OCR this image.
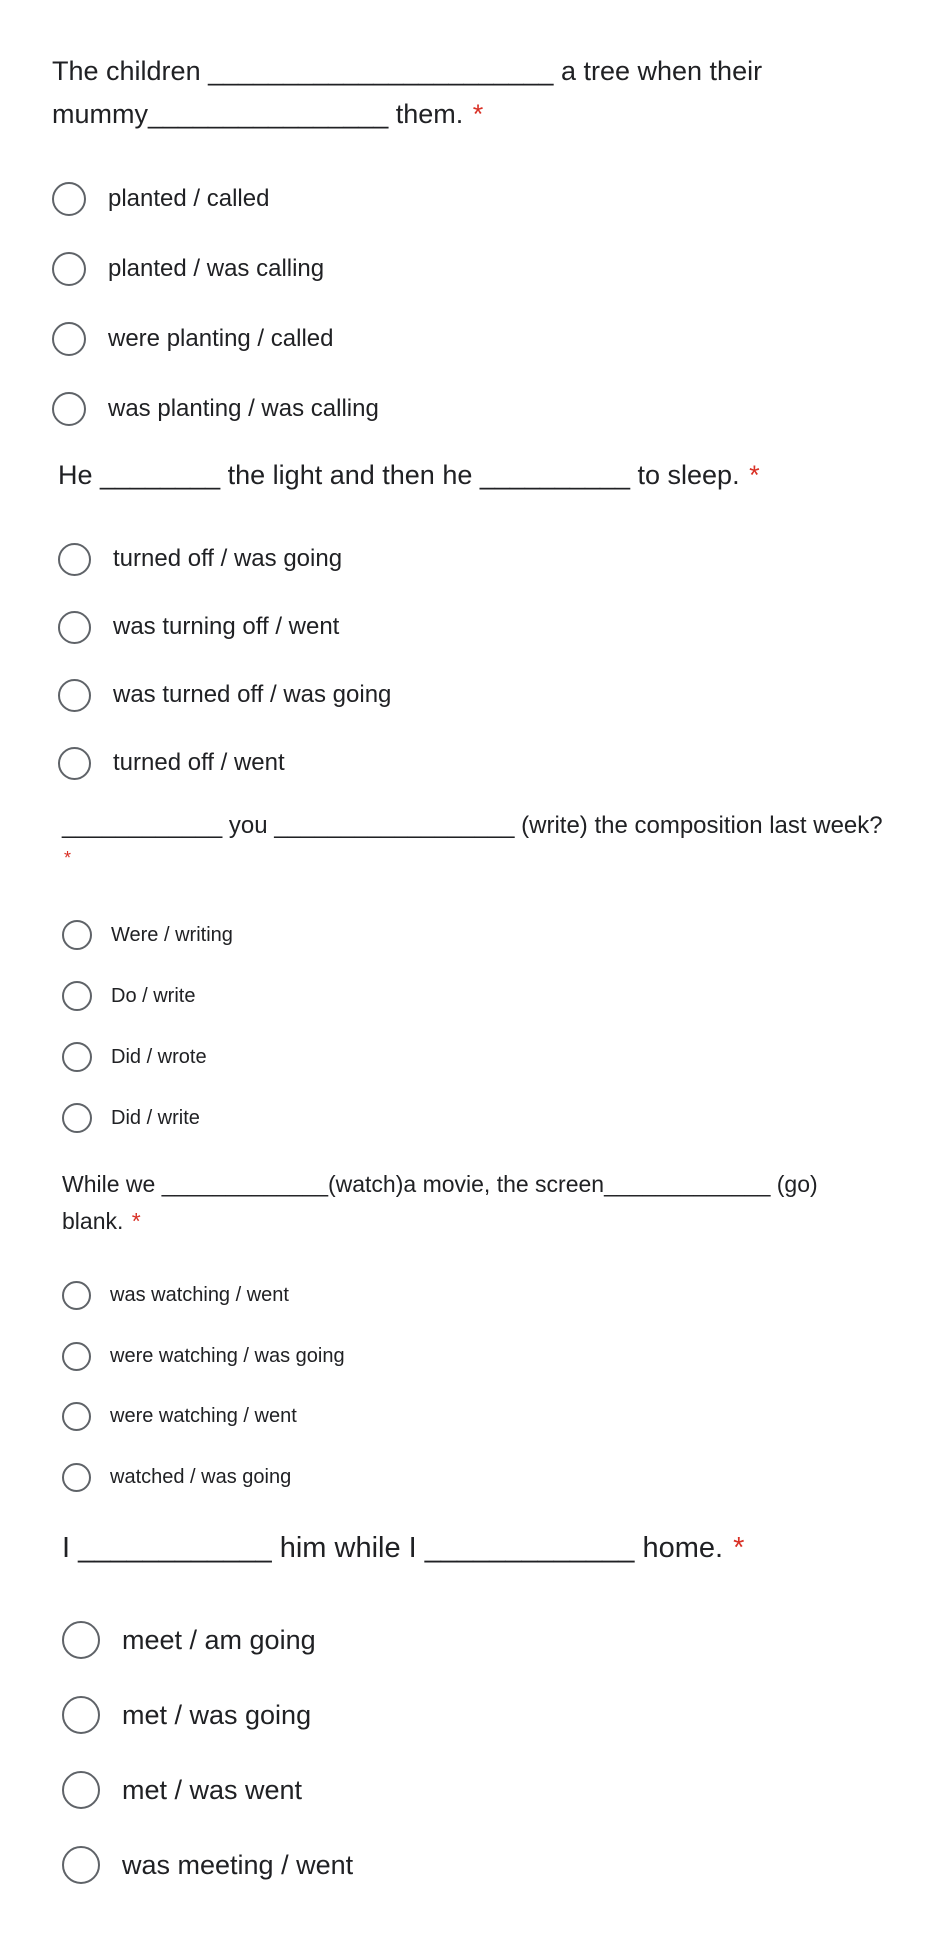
The children _______________________ a tree when their
mummy________________ them. *
planted / called
planted / was calling
were planting / called
was planting / was calling
He ________ the light and then he __________ to sleep. *
turned off / was going
was turning off / went
was turned off / was going
turned off / went
____________ you __________________ (write) the composition last week?
*
Were / writing
Do / write
Did / wrote
Did / write
While we _____________(watch)a movie, the screen_____________ (go)
blank. *
was watching / went
were watching / was going
were watching / went
watched / was going
I ____________ him while I _____________ home. *
meet / am going
met / was going
met / was went
was meeting / went
